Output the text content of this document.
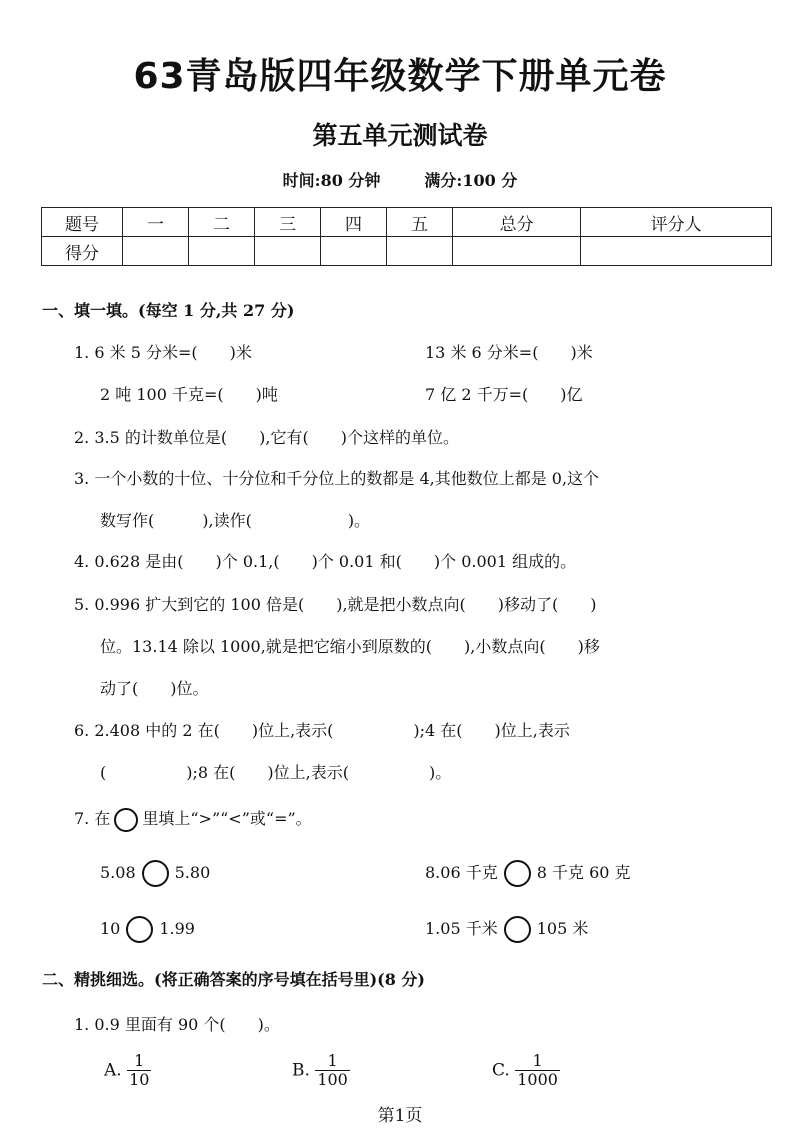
63青岛版四年级数学下册单元卷
第五单元测试卷
时间:80 分钟	满分:100 分
题号	一	二	三	四	五	总分	评分人
得分							
一、填一填。(每空 1 分,共 27 分)
1. 6 米 5 分米=(　　)米	13 米 6 分米=(　　)米
2 吨 100 千克=(　　)吨	7 亿 2 千万=(　　)亿
2. 3.5 的计数单位是(　　),它有(　　)个这样的单位。
3. 一个小数的十位、十分位和千分位上的数都是 4,其他数位上都是 0,这个
数写作(　　　),读作(　　　　　　)。
4. 0.628 是由(　　)个 0.1,(　　)个 0.01 和(　　)个 0.001 组成的。
5. 0.996 扩大到它的 100 倍是(　　),就是把小数点向(　　)移动了(　　)
位。13.14 除以 1000,就是把它缩小到原数的(　　),小数点向(　　)移
动了(　　)位。
6. 2.408 中的 2 在(　　)位上,表示(　　　　　);4 在(　　)位上,表示
(　　　　　);8 在(　　)位上,表示(　　　　　)。
7. 在 里填上“>”“<”或“=”。
5.08 5.80	8.06 千克 8 千克 60 克
10 1.99	1.05 千米 105 米
二、精挑细选。(将正确答案的序号填在括号里)(8 分)
1. 0.9 里面有 90 个(　　)。
A. $\frac{1}{10}$	B. $\frac{1}{100}$	C. $\frac{1}{1000}$
第1页
